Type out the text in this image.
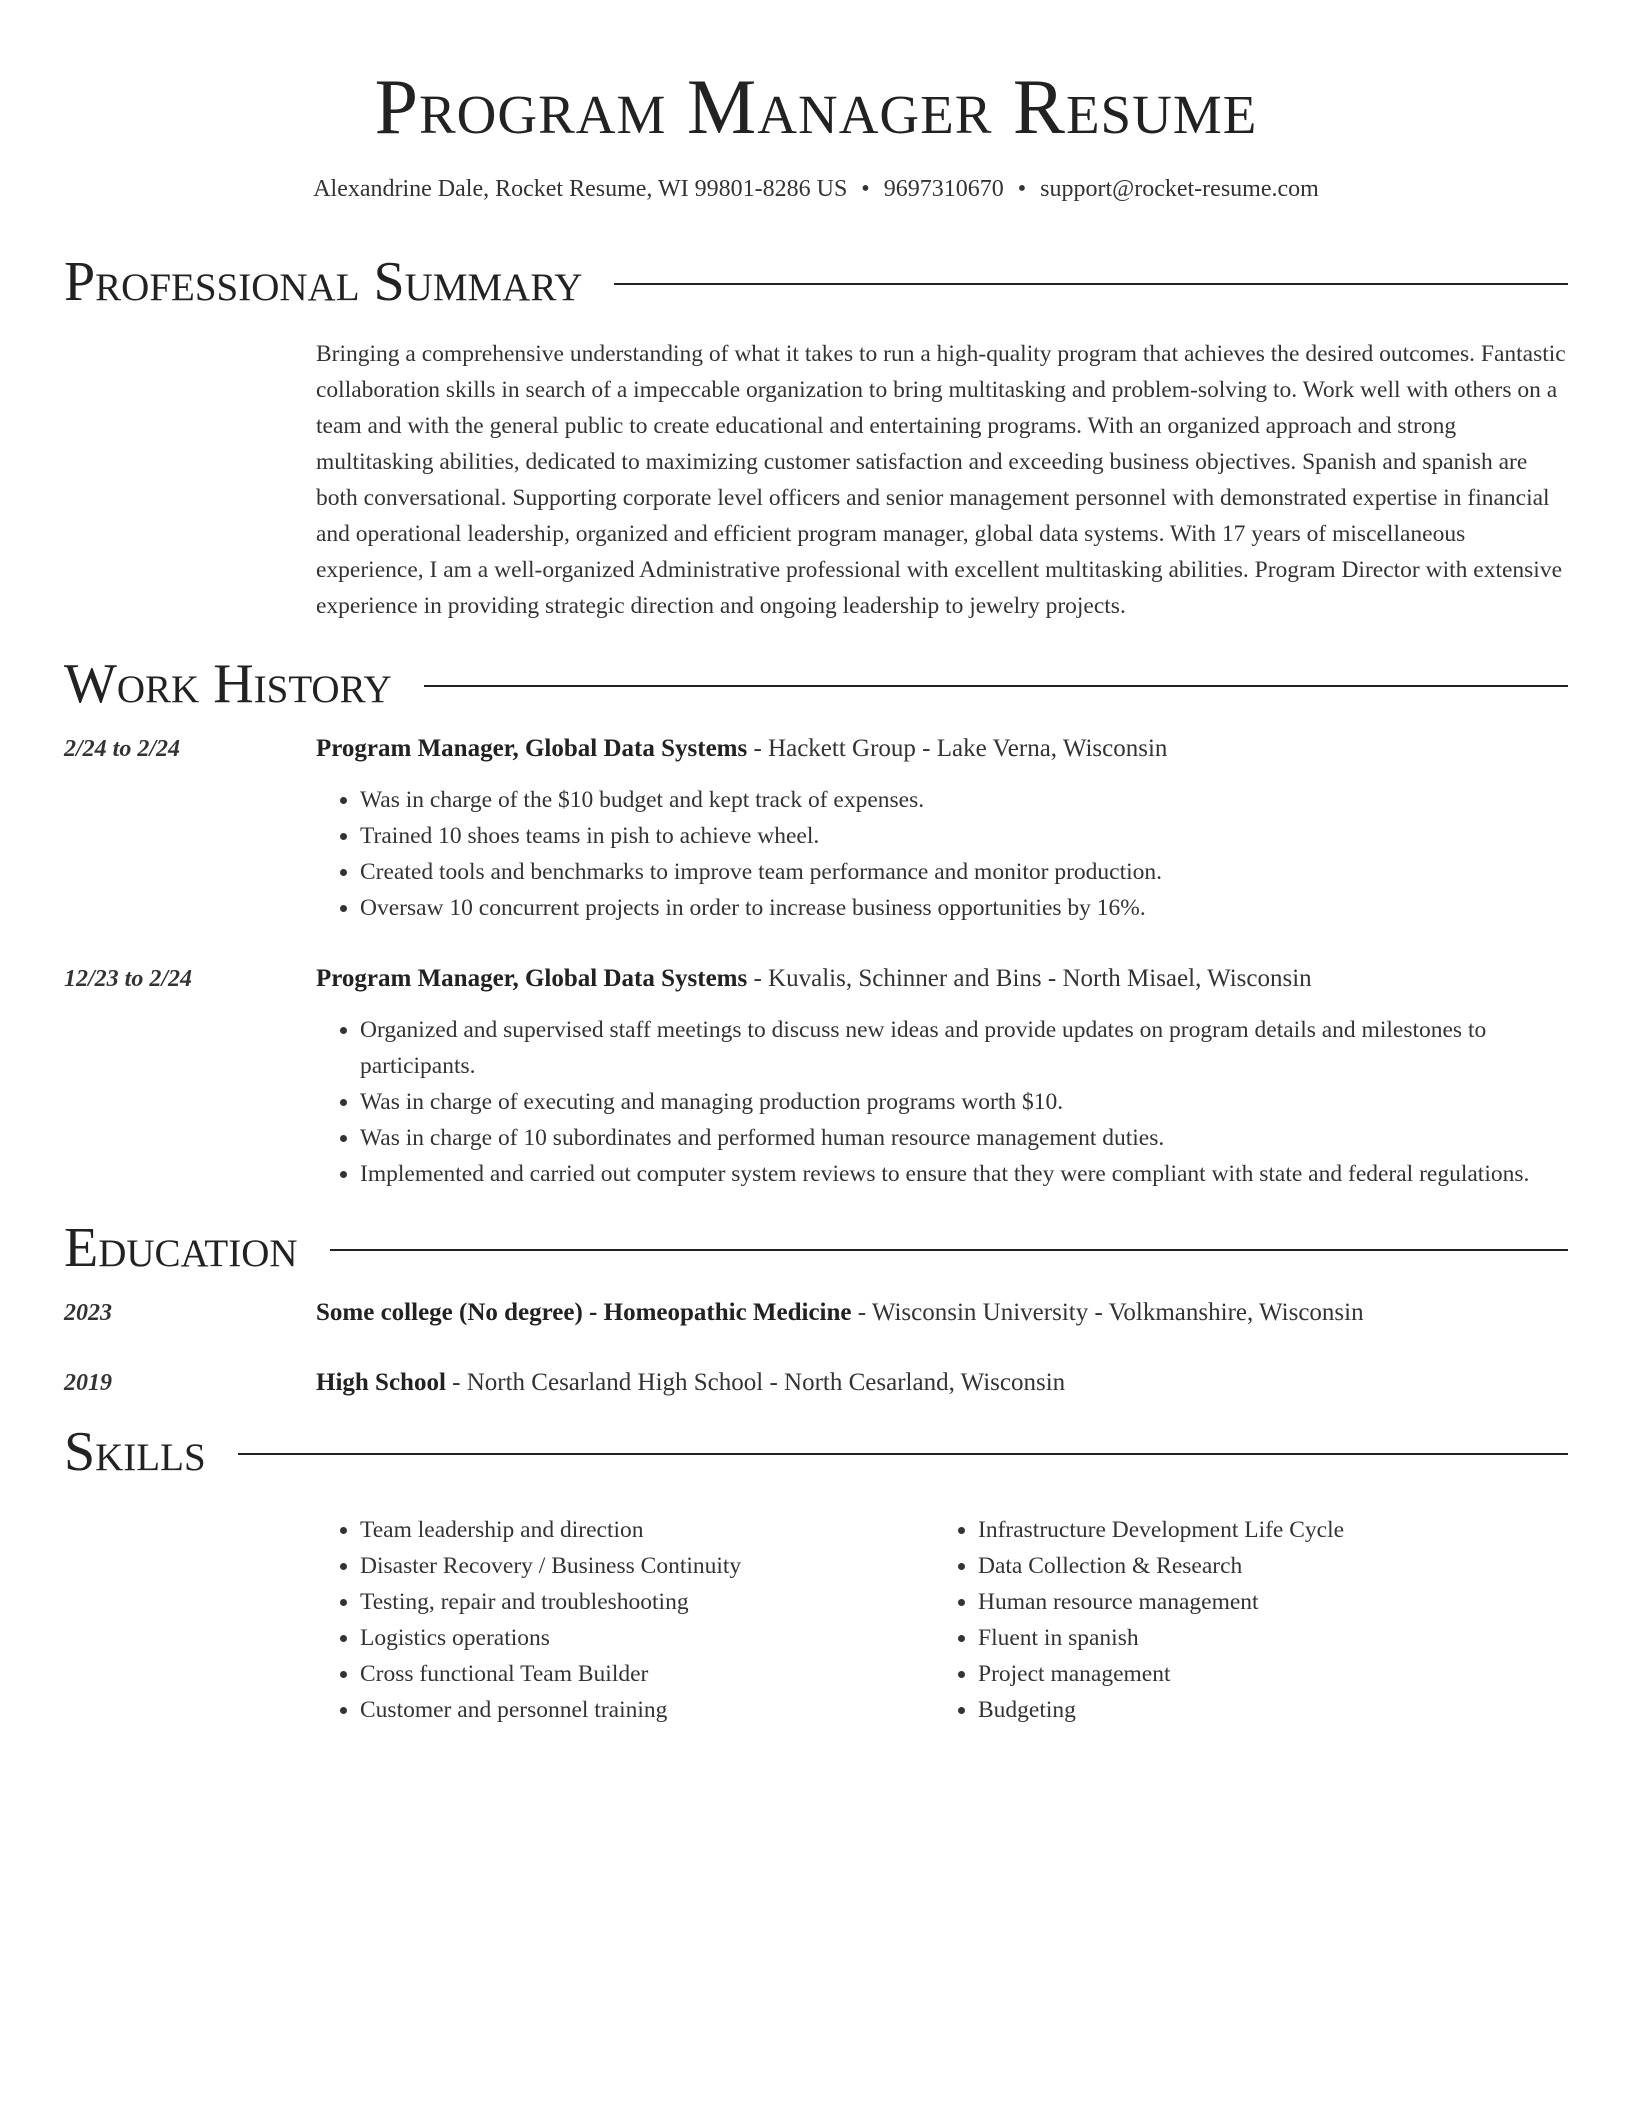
Program Manager Resume
Alexandrine Dale, Rocket Resume, WI 99801-8286 US • 9697310670 • support@rocket-resume.com
Professional Summary
Bringing a comprehensive understanding of what it takes to run a high-quality program that achieves the desired outcomes. Fantastic collaboration skills in search of a impeccable organization to bring multitasking and problem-solving to. Work well with others on a team and with the general public to create educational and entertaining programs. With an organized approach and strong multitasking abilities, dedicated to maximizing customer satisfaction and exceeding business objectives. Spanish and spanish are both conversational. Supporting corporate level officers and senior management personnel with demonstrated expertise in financial and operational leadership, organized and efficient program manager, global data systems. With 17 years of miscellaneous experience, I am a well-organized Administrative professional with excellent multitasking abilities. Program Director with extensive experience in providing strategic direction and ongoing leadership to jewelry projects.
Work History
2/24 to 2/24	Program Manager, Global Data Systems - Hackett Group - Lake Verna, Wisconsin
• Was in charge of the $10 budget and kept track of expenses.
• Trained 10 shoes teams in pish to achieve wheel.
• Created tools and benchmarks to improve team performance and monitor production.
• Oversaw 10 concurrent projects in order to increase business opportunities by 16%.
12/23 to 2/24	Program Manager, Global Data Systems - Kuvalis, Schinner and Bins - North Misael, Wisconsin
• Organized and supervised staff meetings to discuss new ideas and provide updates on program details and milestones to participants.
• Was in charge of executing and managing production programs worth $10.
• Was in charge of 10 subordinates and performed human resource management duties.
• Implemented and carried out computer system reviews to ensure that they were compliant with state and federal regulations.
Education
2023	Some college (No degree) - Homeopathic Medicine - Wisconsin University - Volkmanshire, Wisconsin
2019	High School - North Cesarland High School - North Cesarland, Wisconsin
Skills
• Team leadership and direction
• Disaster Recovery / Business Continuity
• Testing, repair and troubleshooting
• Logistics operations
• Cross functional Team Builder
• Customer and personnel training
• Infrastructure Development Life Cycle
• Data Collection & Research
• Human resource management
• Fluent in spanish
• Project management
• Budgeting
